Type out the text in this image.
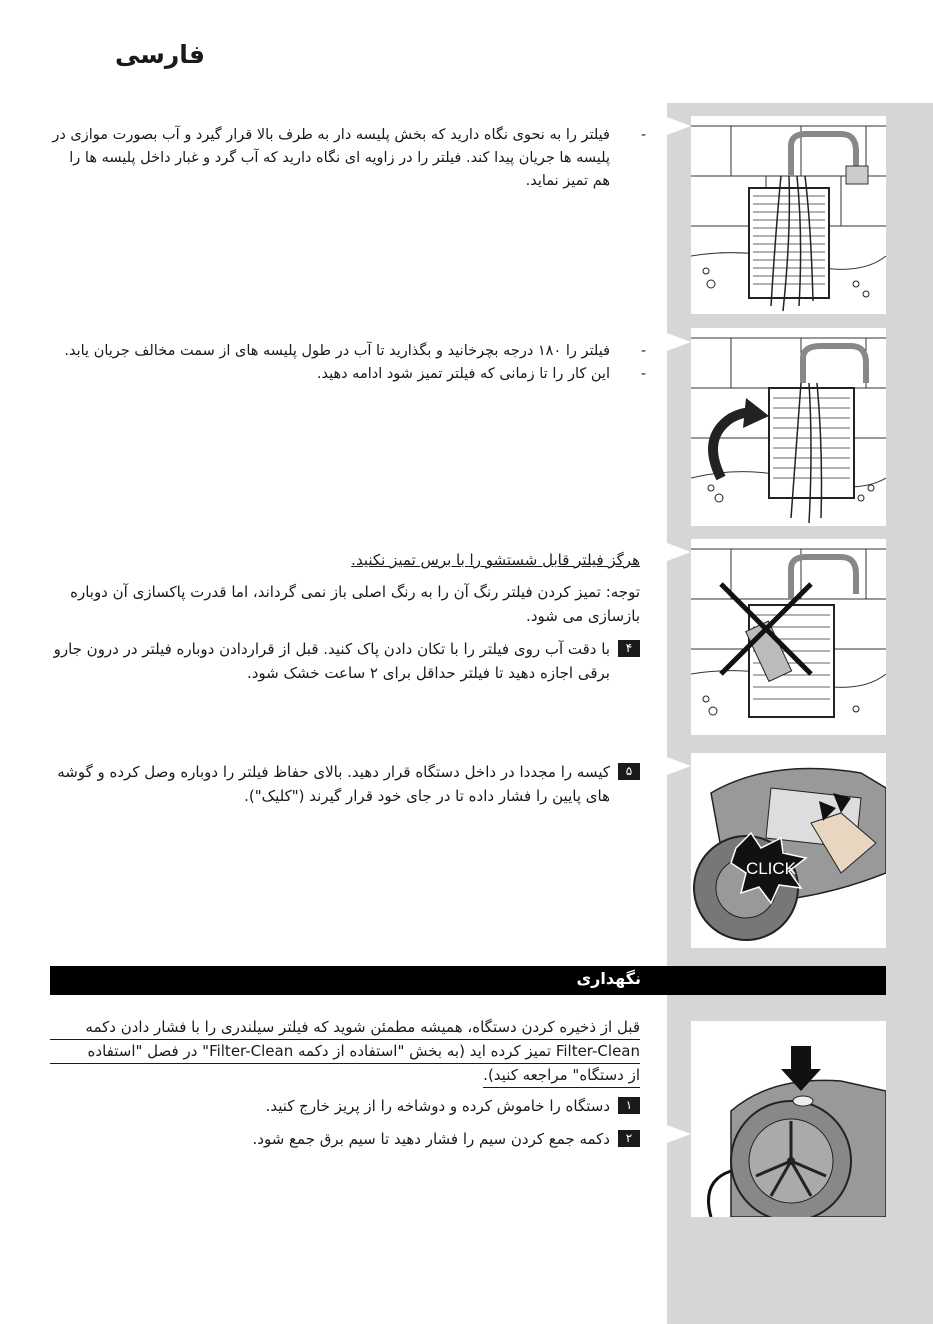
فارسی
CLICK
-
فیلتر را به نحوی نگاه دارید که بخش پلیسه دار به طرف بالا قرار گیرد و آب بصورت موازی در پلیسه ها جریان پیدا کند. فیلتر را در زاویه ای نگاه دارید که آب گرد و غبار داخل پلیسه ها را هم تمیز نماید.
-
فیلتر را ۱۸۰ درجه بچرخانید و بگذارید تا آب در طول پلیسه های از سمت مخالف جریان یابد.
-
این کار را تا زمانی که فیلتر تمیز شود ادامه دهید.
هرگز فیلتر قابل شستشو را با برس تمیز نکنید.
توجه: تمیز کردن فیلتر رنگ آن را به رنگ اصلی باز نمی گرداند، اما قدرت پاکسازی آن دوباره بازسازی می شود.
۴
با دقت آب روی فیلتر را با تکان دادن پاک کنید. قبل از قراردادن دوباره فیلتر در درون جارو برقی اجازه دهید تا فیلتر حداقل برای ۲ ساعت خشک شود.
۵
کیسه را مجددا در داخل دستگاه قرار دهید. بالای حفاظ فیلتر را دوباره وصل کرده و گوشه های پایین را فشار داده تا در جای خود قرار گیرند ("کلیک").
نگهداری
قبل از ذخیره کردن دستگاه، همیشه مطمئن شوید که فیلتر سیلندری را با فشار دادن دکمه
Filter-Clean تمیز کرده اید (به بخش "استفاده از دکمه Filter-Clean" در فصل "استفاده
از دستگاه" مراجعه کنید).
۱
دستگاه را خاموش کرده و دوشاخه را از پریز خارج کنید.
۲
دکمه جمع کردن سیم را فشار دهید تا سیم برق جمع شود.
